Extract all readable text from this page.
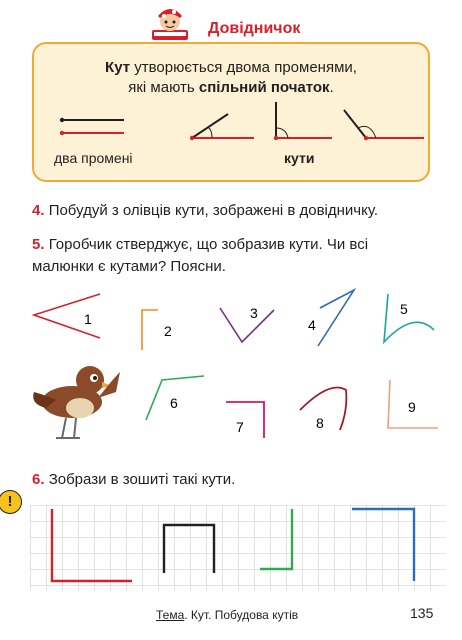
Довідничок
Кут утворюється двома променями,
які мають спільний початок.
два промені	кути
4. Побудуй з олівців кути, зображені в довідничку.
5. Горобчик стверджує, що зобразив кути. Чи всі
малюнки є кутами? Поясни.
1
2
3
4
5
6
7	8
9
6. Зобрази в зошиті такі кути.
!
Тема. Кут. Побудова кутів	135
